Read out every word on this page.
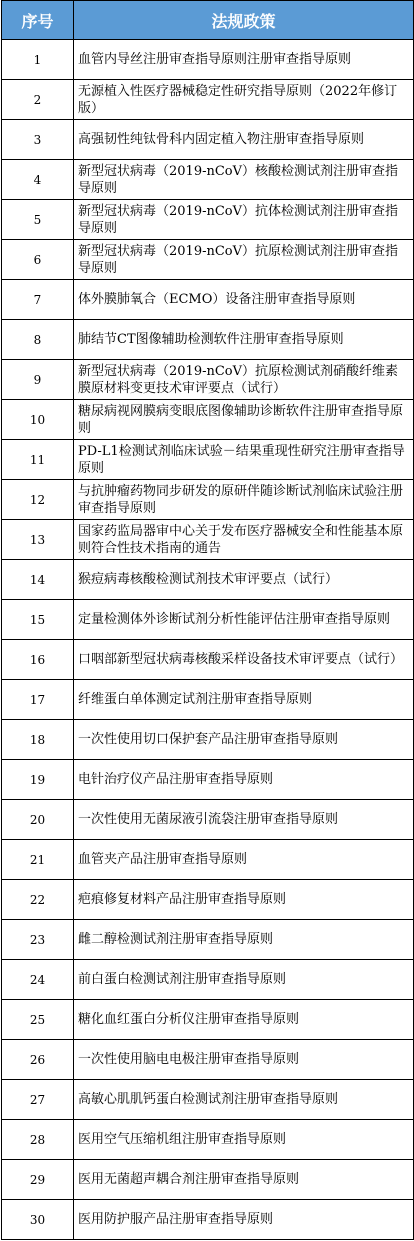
序号	法规政策
1	血管内导丝注册审查指导原则注册审查指导原则
2	无源植入性医疗器械稳定性研究指导原则（2022年修订版）
3	高强韧性纯钛骨科内固定植入物注册审查指导原则
4	新型冠状病毒（2019-nCoV）核酸检测试剂注册审查指导原则
5	新型冠状病毒（2019-nCoV）抗体检测试剂注册审查指导原则
6	新型冠状病毒（2019-nCoV）抗原检测试剂注册审查指导原则
7	体外膜肺氧合（ECMO）设备注册审查指导原则
8	肺结节CT图像辅助检测软件注册审查指导原则
9	新型冠状病毒（2019-nCoV）抗原检测试剂硝酸纤维素膜原材料变更技术审评要点（试行）
10	糖尿病视网膜病变眼底图像辅助诊断软件注册审查指导原则
11	PD-L1检测试剂临床试验－结果重现性研究注册审查指导原则
12	与抗肿瘤药物同步研发的原研伴随诊断试剂临床试验注册审查指导原则
13	国家药监局器审中心关于发布医疗器械安全和性能基本原则符合性技术指南的通告
14	猴痘病毒核酸检测试剂技术审评要点（试行）
15	定量检测体外诊断试剂分析性能评估注册审查指导原则
16	口咽部新型冠状病毒核酸采样设备技术审评要点（试行）
17	纤维蛋白单体测定试剂注册审查指导原则
18	一次性使用切口保护套产品注册审查指导原则
19	电针治疗仪产品注册审查指导原则
20	一次性使用无菌尿液引流袋注册审查指导原则
21	血管夹产品注册审查指导原则
22	疤痕修复材料产品注册审查指导原则
23	雌二醇检测试剂注册审查指导原则
24	前白蛋白检测试剂注册审查指导原则
25	糖化血红蛋白分析仪注册审查指导原则
26	一次性使用脑电电极注册审查指导原则
27	高敏心肌肌钙蛋白检测试剂注册审查指导原则
28	医用空气压缩机组注册审查指导原则
29	医用无菌超声耦合剂注册审查指导原则
30	医用防护服产品注册审查指导原则
